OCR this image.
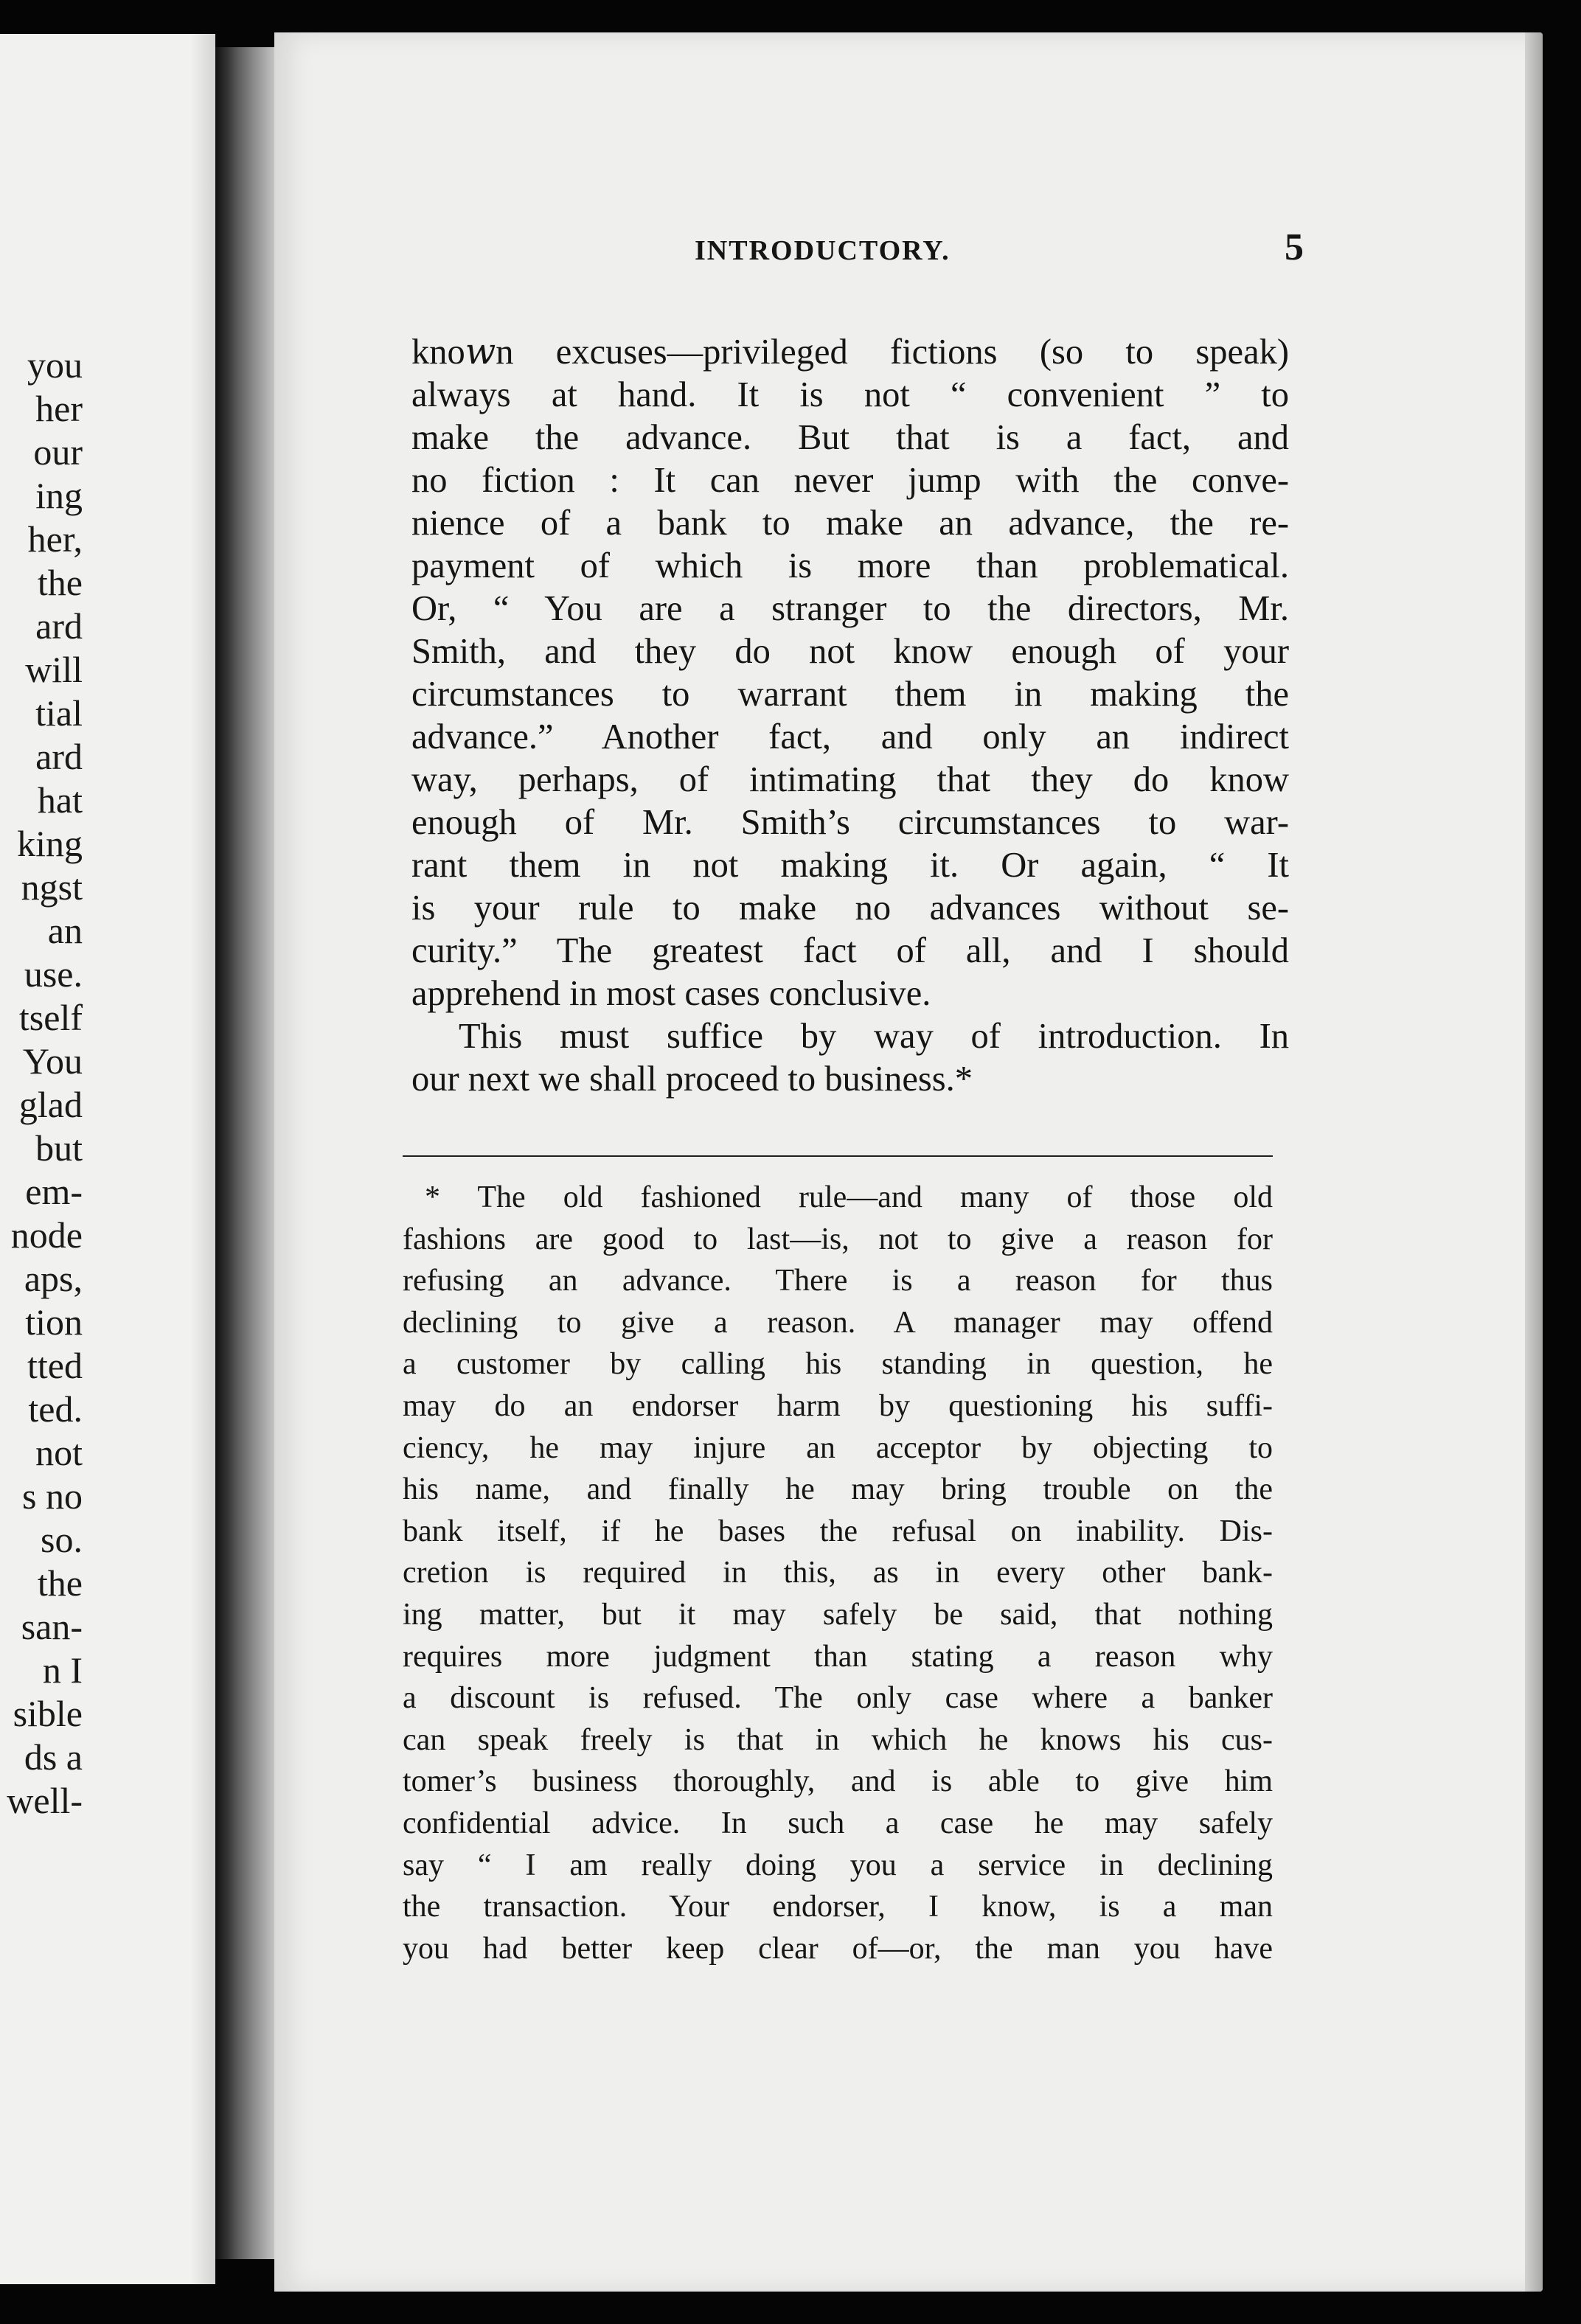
you
her
our
ing
her,
the
ard
will
tial
ard
hat
king
ngst
an
use.
tself
You
glad
but
em-
node
aps,
tion
tted
ted.
not
s no
so.
the
san-
n I
sible
ds a
well-
INTRODUCTORY.	5
kno𝑤n excuses—privileged fictions (so to speak)
always at hand. It is not “ convenient ” to
make the advance. But that is a fact, and
no fiction : It can never jump with the conve-
nience of a bank to make an advance, the re-
payment of which is more than problematical.
Or, “ You are a stranger to the directors, Mr.
Smith, and they do not know enough of your
circumstances to warrant them in making the
advance.” Another fact, and only an indirect
way, perhaps, of intimating that they do know
enough of Mr. Smith’s circumstances to war-
rant them in not making it. Or again, “ It
is your rule to make no advances without se-
curity.” The greatest fact of all, and I should
apprehend in most cases conclusive.
This must suffice by way of introduction. In
our next we shall proceed to business.*
* The old fashioned rule—and many of those old
fashions are good to last—is, not to give a reason for
refusing an advance. There is a reason for thus
declining to give a reason. A manager may offend
a customer by calling his standing in question, he
may do an endorser harm by questioning his suffi-
ciency, he may injure an acceptor by objecting to
his name, and finally he may bring trouble on the
bank itself, if he bases the refusal on inability. Dis-
cretion is required in this, as in every other bank-
ing matter, but it may safely be said, that nothing
requires more judgment than stating a reason why
a discount is refused. The only case where a banker
can speak freely is that in which he knows his cus-
tomer’s business thoroughly, and is able to give him
confidential advice. In such a case he may safely
say “ I am really doing you a service in declining
the transaction. Your endorser, I know, is a man
you had better keep clear of—or, the man you have
